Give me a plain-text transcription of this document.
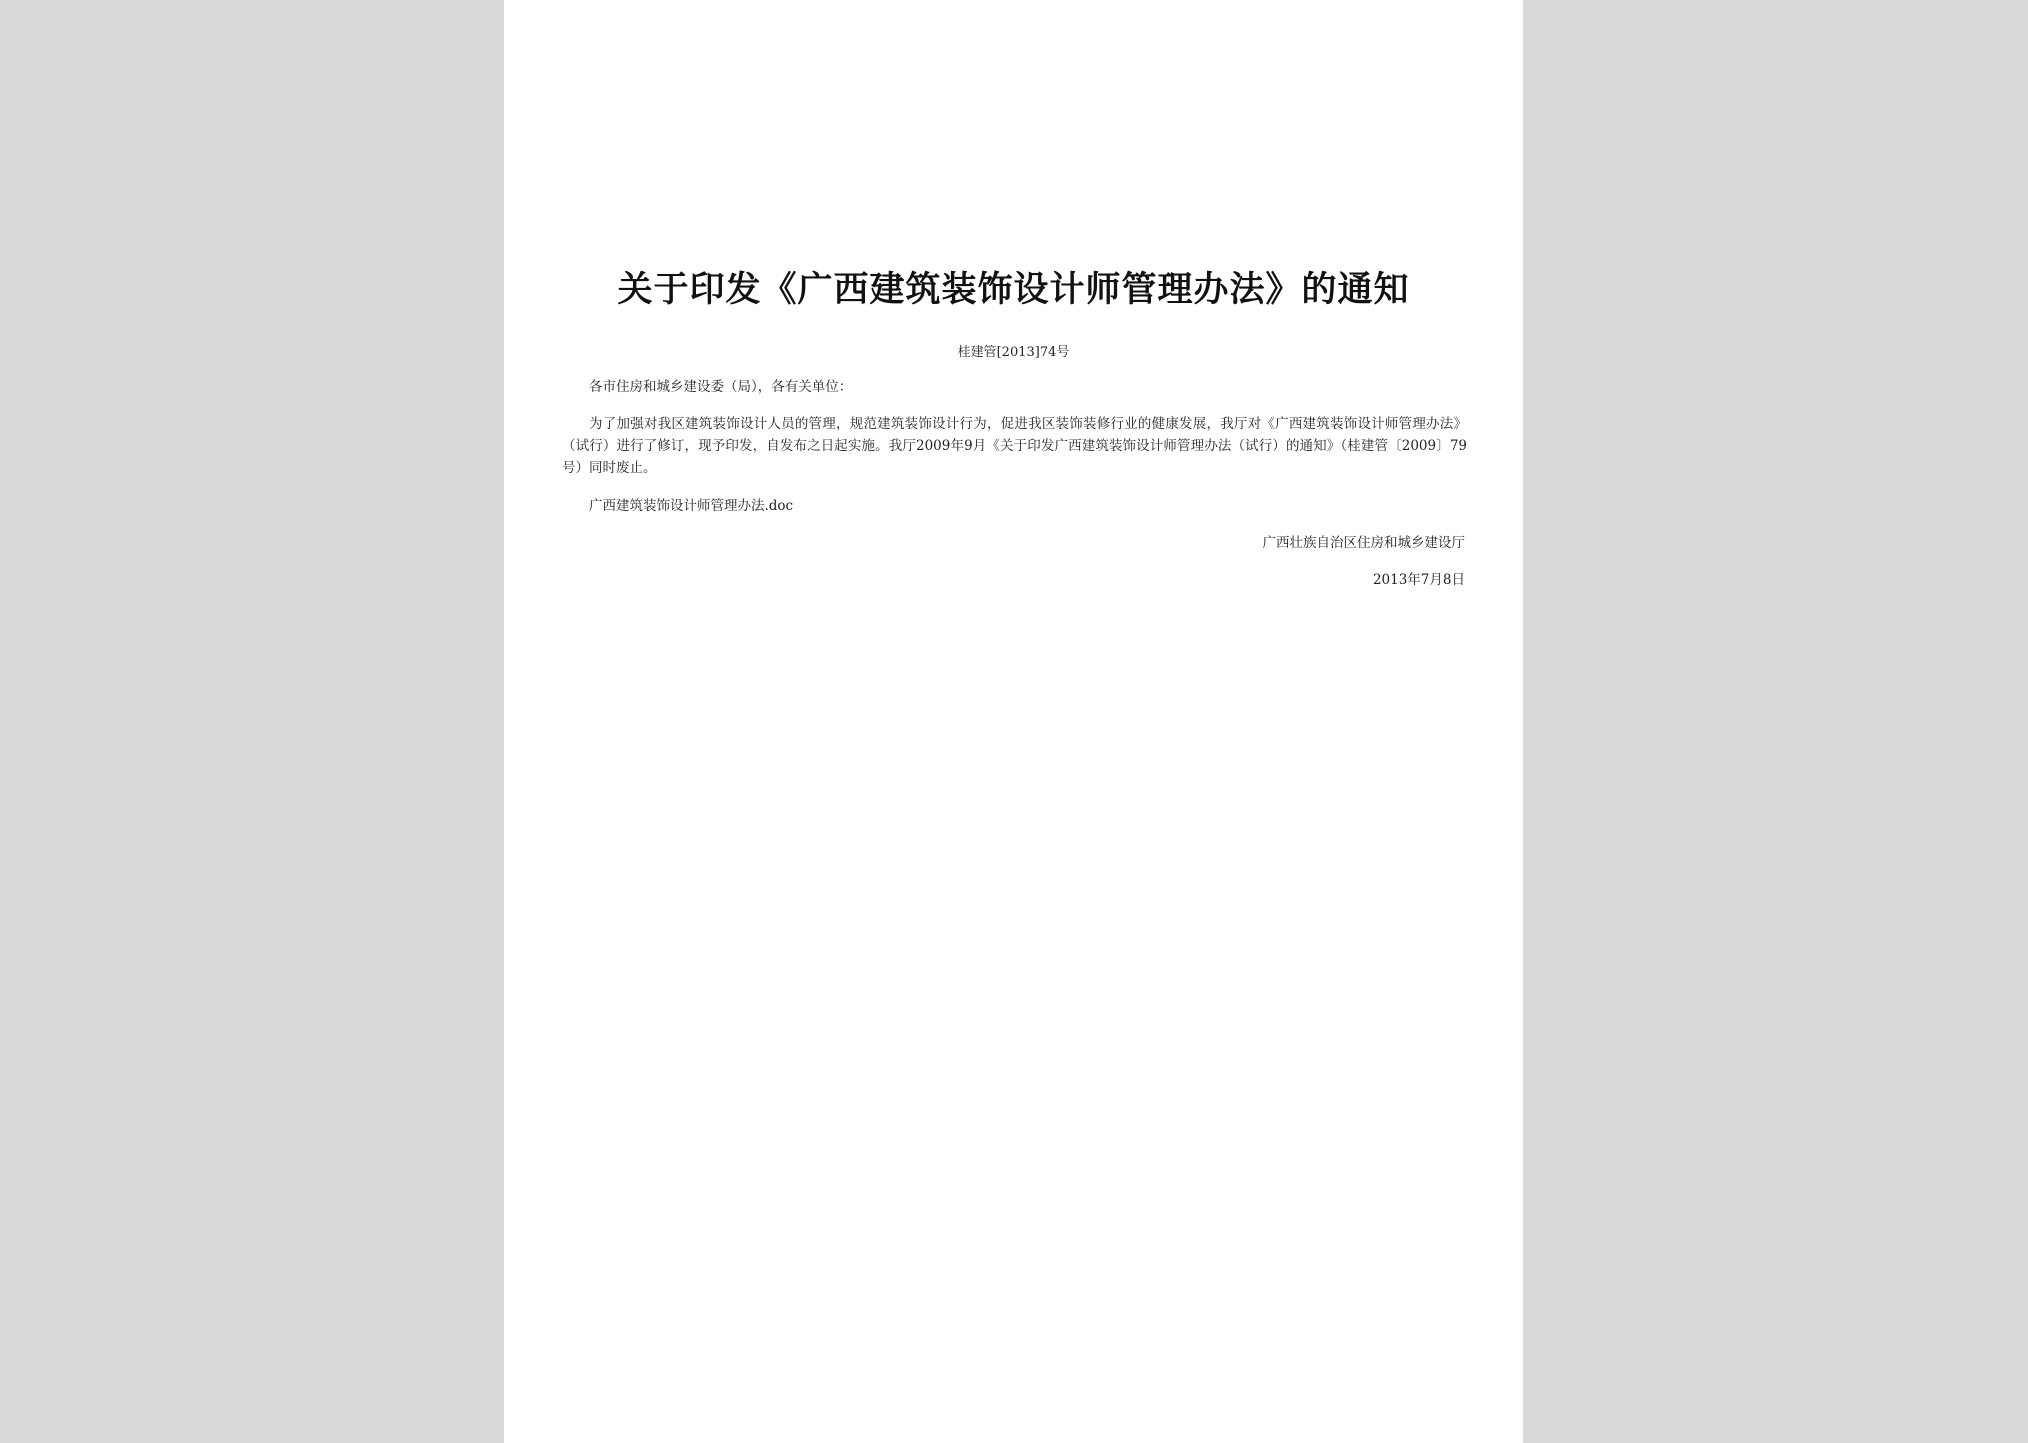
关于印发《广西建筑装饰设计师管理办法》的通知
桂建管[2013]74号
各市住房和城乡建设委（局），各有关单位：
为了加强对我区建筑装饰设计人员的管理，规范建筑装饰设计行为，促进我区装饰装修行业的健康发展，我厅对《广西建筑装饰设计师管理办法》（试行）进行了修订，现予印发，自发布之日起实施。我厅2009年9月《关于印发广西建筑装饰设计师管理办法（试行）的通知》（桂建管〔2009〕79号）同时废止。
广西建筑装饰设计师管理办法.doc
广西壮族自治区住房和城乡建设厅
2013年7月8日
